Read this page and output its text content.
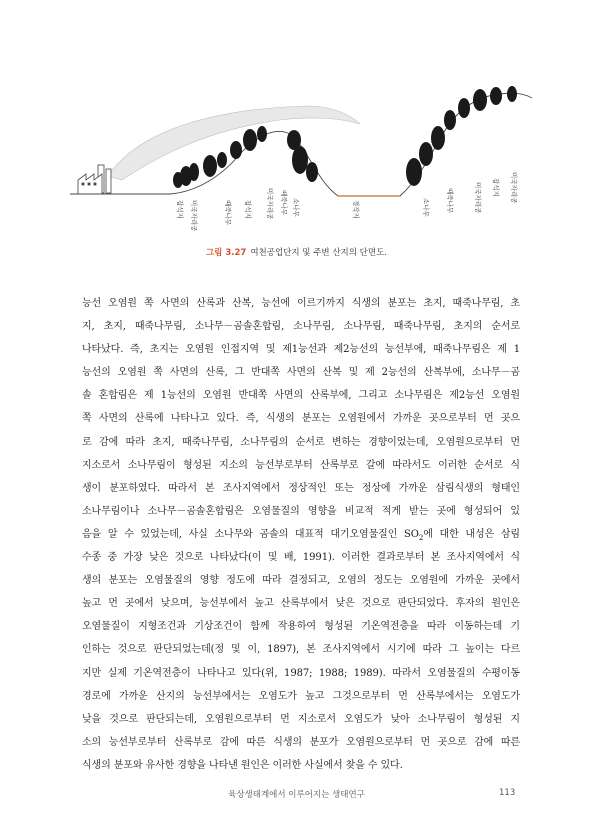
잡석지 미국자리공	때죽나무 잡석지 미국자리공 때죽나무 소나무	경작지	소나무 때죽나무	미국자리공 잡석지 미국자리공
그림 3.27 여천공업단지 및 주변 산지의 단면도.
능선 오염원 쪽 사면의 산록과 산복, 능선에 이르기까지 식생의 분포는 초지, 때죽나무림, 초
지, 초지, 때죽나무림, 소나무－곰솔혼합림, 소나무림, 소나무림, 때죽나무림, 초지의 순서로
나타났다. 즉, 초지는 오염원 인접지역 및 제1능선과 제2능선의 능선부에, 때죽나무림은 제 1
능선의 오염원 쪽 사면의 산록, 그 반대쪽 사면의 산복 및 제 2능선의 산복부에, 소나무－곰
솔 혼합림은 제 1능선의 오염원 반대쪽 사면의 산록부에, 그리고 소나무림은 제2능선 오염원
쪽 사면의 산록에 나타나고 있다. 즉, 식생의 분포는 오염원에서 가까운 곳으로부터 먼 곳으
로 감에 따라 초지, 때죽나무림, 소나무림의 순서로 변하는 경향이었는데, 오염원으로부터 먼
지소로서 소나무림이 형성된 지소의 능선부로부터 산록부로 갈에 따라서도 이러한 순서로 식
생이 분포하였다. 따라서 본 조사지역에서 정상적인 또는 정상에 가까운 삼림식생의 형태인
소나무림이나 소나무－곰솔혼합림은 오염물질의 영향을 비교적 적게 받는 곳에 형성되어 있
음을 알 수 있었는데, 사실 소나무와 곰솔의 대표적 대기오염물질인 $SO_2$에 대한 내성은 삼림
수종 중 가장 낮은 것으로 나타났다(이 및 배, 1991). 이러한 결과로부터 본 조사지역에서 식
생의 분포는 오염물질의 영향 정도에 따라 결정되고, 오염의 정도는 오염원에 가까운 곳에서
높고 먼 곳에서 낮으며, 능선부에서 높고 산록부에서 낮은 것으로 판단되었다. 후자의 원인은
오염물질이 지형조건과 기상조건이 함께 작용하여 형성된 기온역전층을 따라 이동하는데 기
인하는 것으로 판단되었는데(정 및 이, 1897), 본 조사지역에서 시기에 따라 그 높이는 다르
지만 실제 기온역전층이 나타나고 있다(위, 1987; 1988; 1989). 따라서 오염물질의 수평이동
경로에 가까운 산지의 능선부에서는 오염도가 높고 그것으로부터 먼 산록부에서는 오염도가
낮을 것으로 판단되는데, 오염원으로부터 먼 지소로서 오염도가 낮아 소나무림이 형성된 지
소의 능선부로부터 산록부로 감에 따른 식생의 분포가 오염원으로부터 먼 곳으로 감에 따른
식생의 분포와 유사한 경향을 나타낸 원인은 이러한 사실에서 찾을 수 있다.
육상생태계에서 이루어지는 생태연구	113
